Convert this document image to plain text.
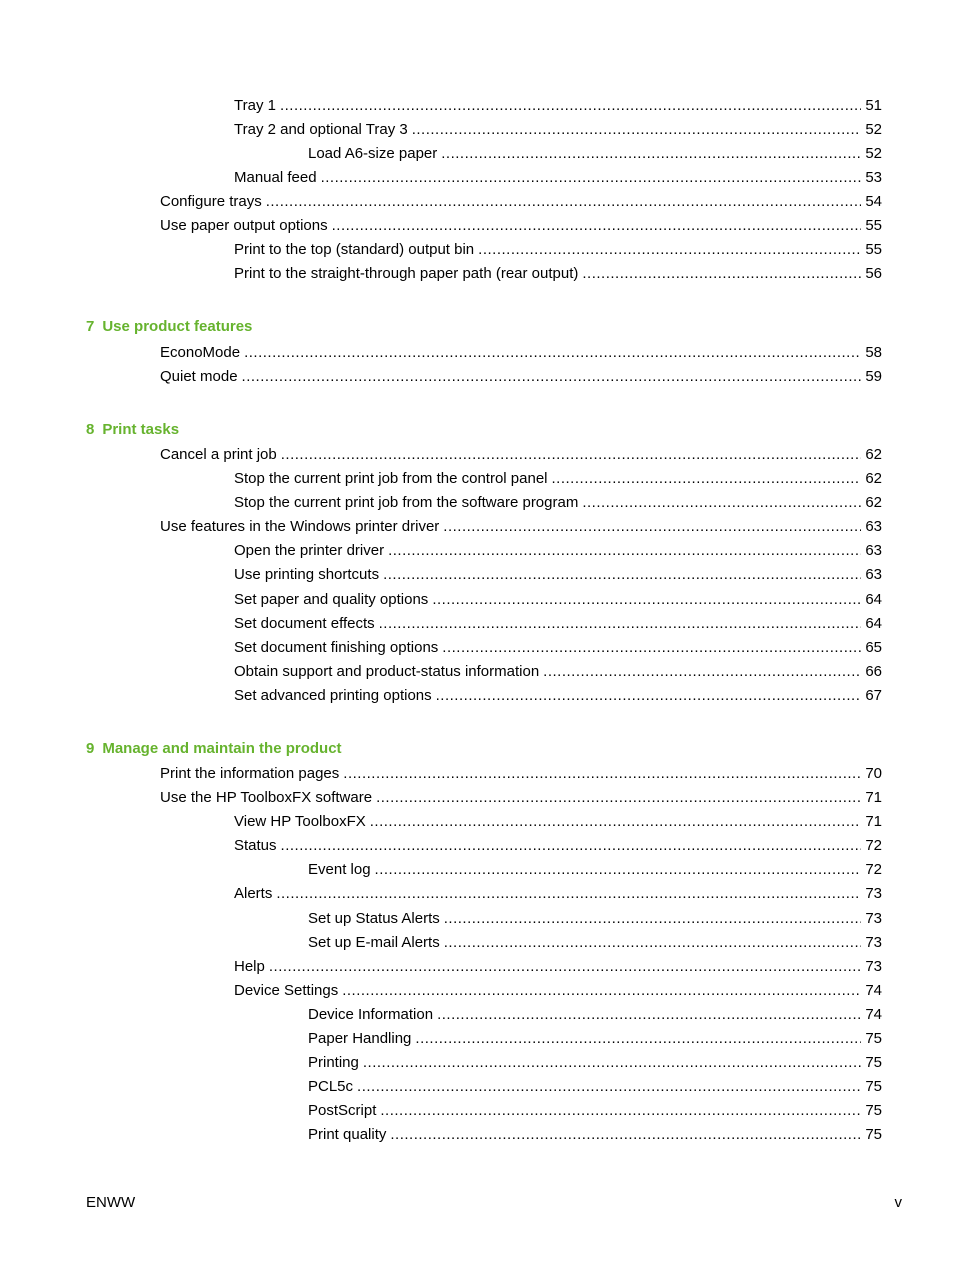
Tray 1 .....	51
Tray 2 and optional Tray 3 .....	52
Load A6-size paper .....	52
Manual feed .....	53
Configure trays .....	54
Use paper output options .....	55
Print to the top (standard) output bin .....	55
Print to the straight-through paper path (rear output) .....	56
7 Use product features
EconoMode .....	58
Quiet mode .....	59
8 Print tasks
Cancel a print job .....	62
Stop the current print job from the control panel .....	62
Stop the current print job from the software program .....	62
Use features in the Windows printer driver .....	63
Open the printer driver .....	63
Use printing shortcuts .....	63
Set paper and quality options .....	64
Set document effects .....	64
Set document finishing options .....	65
Obtain support and product-status information .....	66
Set advanced printing options .....	67
9 Manage and maintain the product
Print the information pages .....	70
Use the HP ToolboxFX software .....	71
View HP ToolboxFX .....	71
Status .....	72
Event log .....	72
Alerts .....	73
Set up Status Alerts .....	73
Set up E-mail Alerts .....	73
Help .....	73
Device Settings .....	74
Device Information .....	74
Paper Handling .....	75
Printing .....	75
PCL5c .....	75
PostScript .....	75
Print quality .....	75
ENWW	v
